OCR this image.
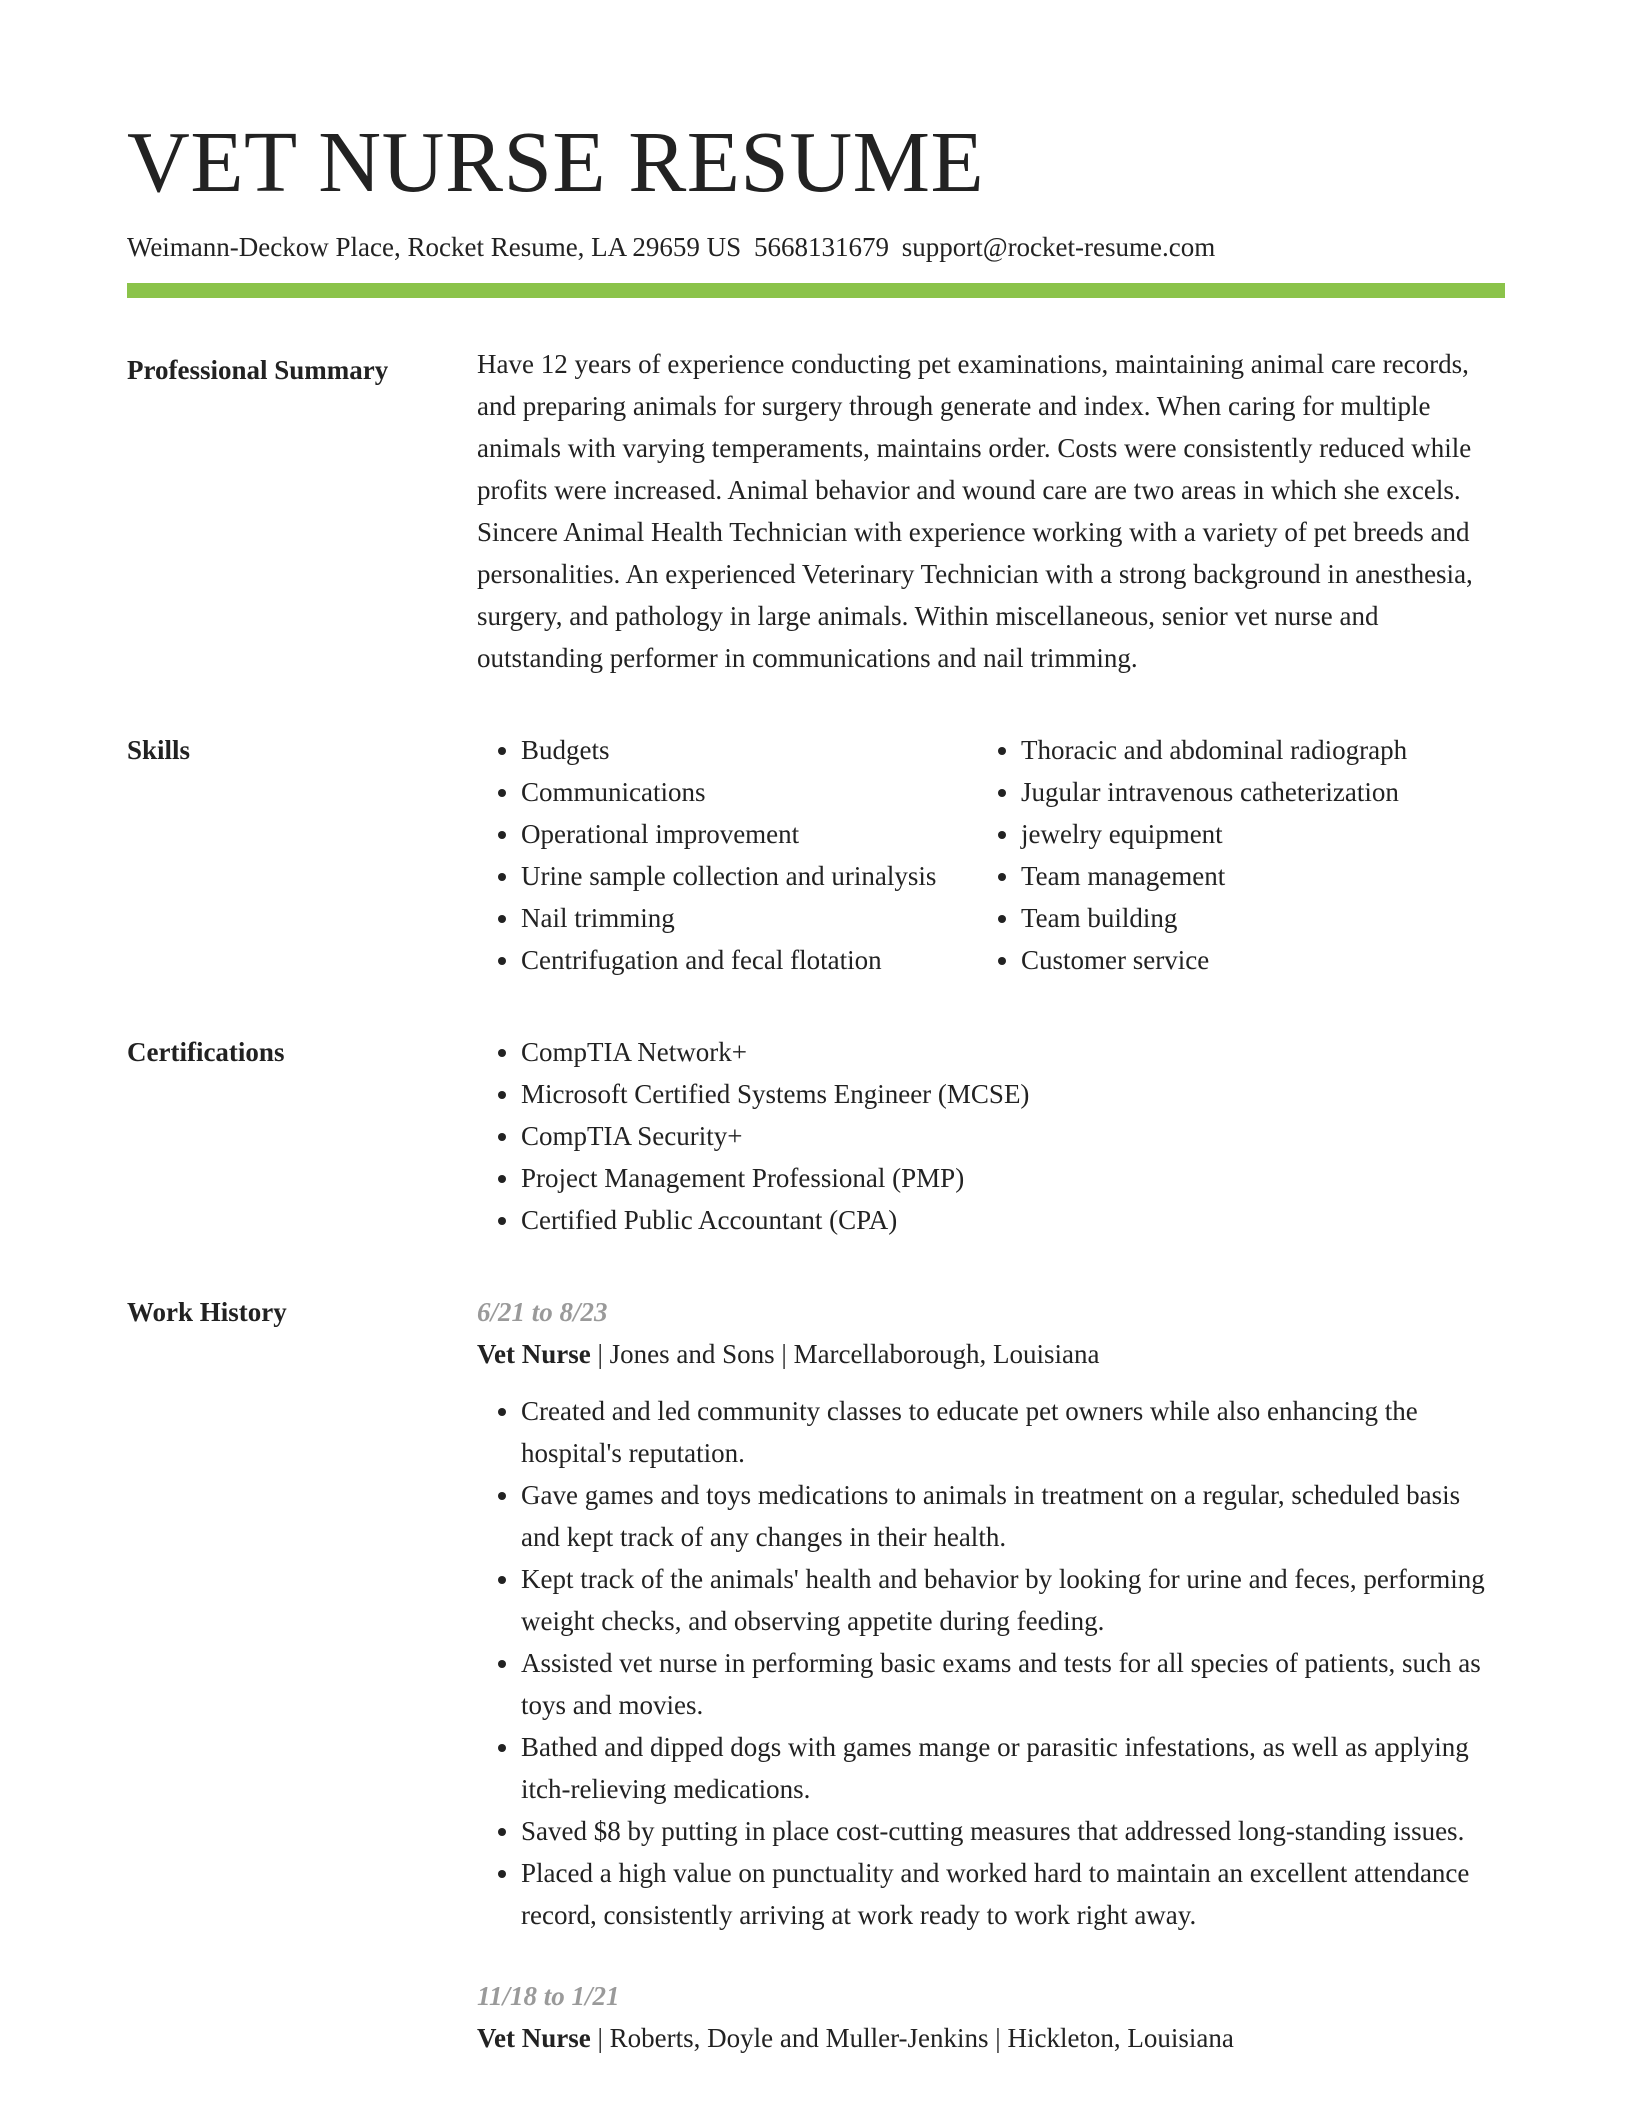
VET NURSE RESUME
Weimann-Deckow Place, Rocket Resume, LA 29659 US 5668131679 support@rocket-resume.com
Professional Summary	Have 12 years of experience conducting pet examinations, maintaining animal care records, and preparing animals for surgery through generate and index. When caring for multiple animals with varying temperaments, maintains order. Costs were consistently reduced while profits were increased. Animal behavior and wound care are two areas in which she excels. Sincere Animal Health Technician with experience working with a variety of pet breeds and personalities. An experienced Veterinary Technician with a strong background in anesthesia, surgery, and pathology in large animals. Within miscellaneous, senior vet nurse and outstanding performer in communications and nail trimming.

Skills	• Budgets
• Communications
• Operational improvement
• Urine sample collection and urinalysis
• Nail trimming
• Centrifugation and fecal flotation
• Thoracic and abdominal radiograph
• Jugular intravenous catheterization
• jewelry equipment
• Team management
• Team building
• Customer service
Certifications	• CompTIA Network+
• Microsoft Certified Systems Engineer (MCSE)
• CompTIA Security+
• Project Management Professional (PMP)
• Certified Public Accountant (CPA)
Work History	6/21 to 8/23
Vet Nurse | Jones and Sons | Marcellaborough, Louisiana
• Created and led community classes to educate pet owners while also enhancing the hospital's reputation.
• Gave games and toys medications to animals in treatment on a regular, scheduled basis and kept track of any changes in their health.
• Kept track of the animals' health and behavior by looking for urine and feces, performing weight checks, and observing appetite during feeding.
• Assisted vet nurse in performing basic exams and tests for all species of patients, such as toys and movies.
• Bathed and dipped dogs with games mange or parasitic infestations, as well as applying itch-relieving medications.
• Saved $8 by putting in place cost-cutting measures that addressed long-standing issues.
• Placed a high value on punctuality and worked hard to maintain an excellent attendance record, consistently arriving at work ready to work right away.
11/18 to 1/21
Vet Nurse | Roberts, Doyle and Muller-Jenkins | Hickleton, Louisiana
